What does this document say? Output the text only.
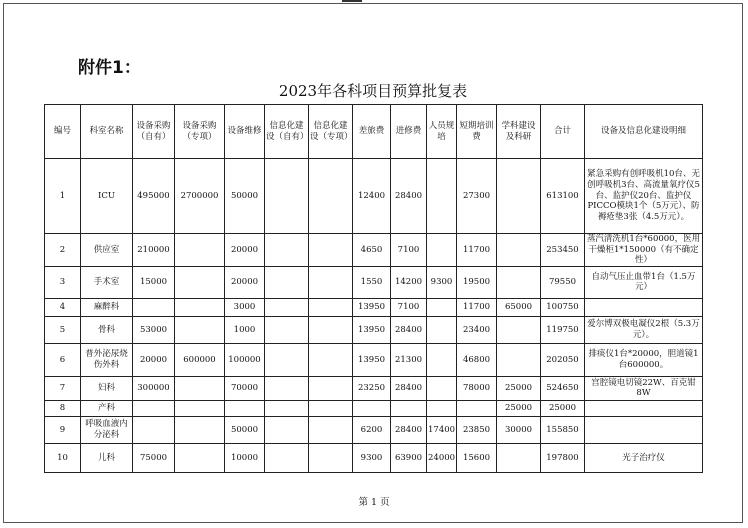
附件1：
2023年各科项目预算批复表
编号	科室名称	设备采购（自有）	设备采购（专项）	设备维修	信息化建设（自有）	信息化建设（专项）	差旅费	进修费	人员规培	短期培训费	学科建设及科研	合计	设备及信息化建设明细
1	ICU	495000	2700000	50000			12400	28400		27300		613100	紧急采购有创呼吸机10台、无创呼吸机3台、高流量氧疗仪5台、监护仪20台、监护仪PICCO模块1个（5万元）、防褥疮垫3张（4.5万元）。
2	供应室	210000		20000			4650	7100		11700		253450	蒸汽清洗机1台*60000，医用干燥柜1*150000（有不确定性）
3	手术室	15000		20000			1550	14200	9300	19500		79550	自动气压止血带1台（1.5万元）
4	麻醉科			3000			13950	7100		11700	65000	100750	
5	骨科	53000		1000			13950	28400		23400		119750	爱尔博双极电凝仪2根（5.3万元）。
6	普外泌尿烧伤外科	20000	600000	100000			13950	21300		46800		202050	排痰仪1台*20000，胆道镜1台600000。
7	妇科	300000		70000			23250	28400		78000	25000	524650	宫腔镜电切镜22W、百克钳8W
8	产科										25000	25000	
9	呼吸血液内分泌科			50000			6200	28400	17400	23850	30000	155850	
10	儿科	75000		10000			9300	63900	24000	15600		197800	光子治疗仪
第 1 页
